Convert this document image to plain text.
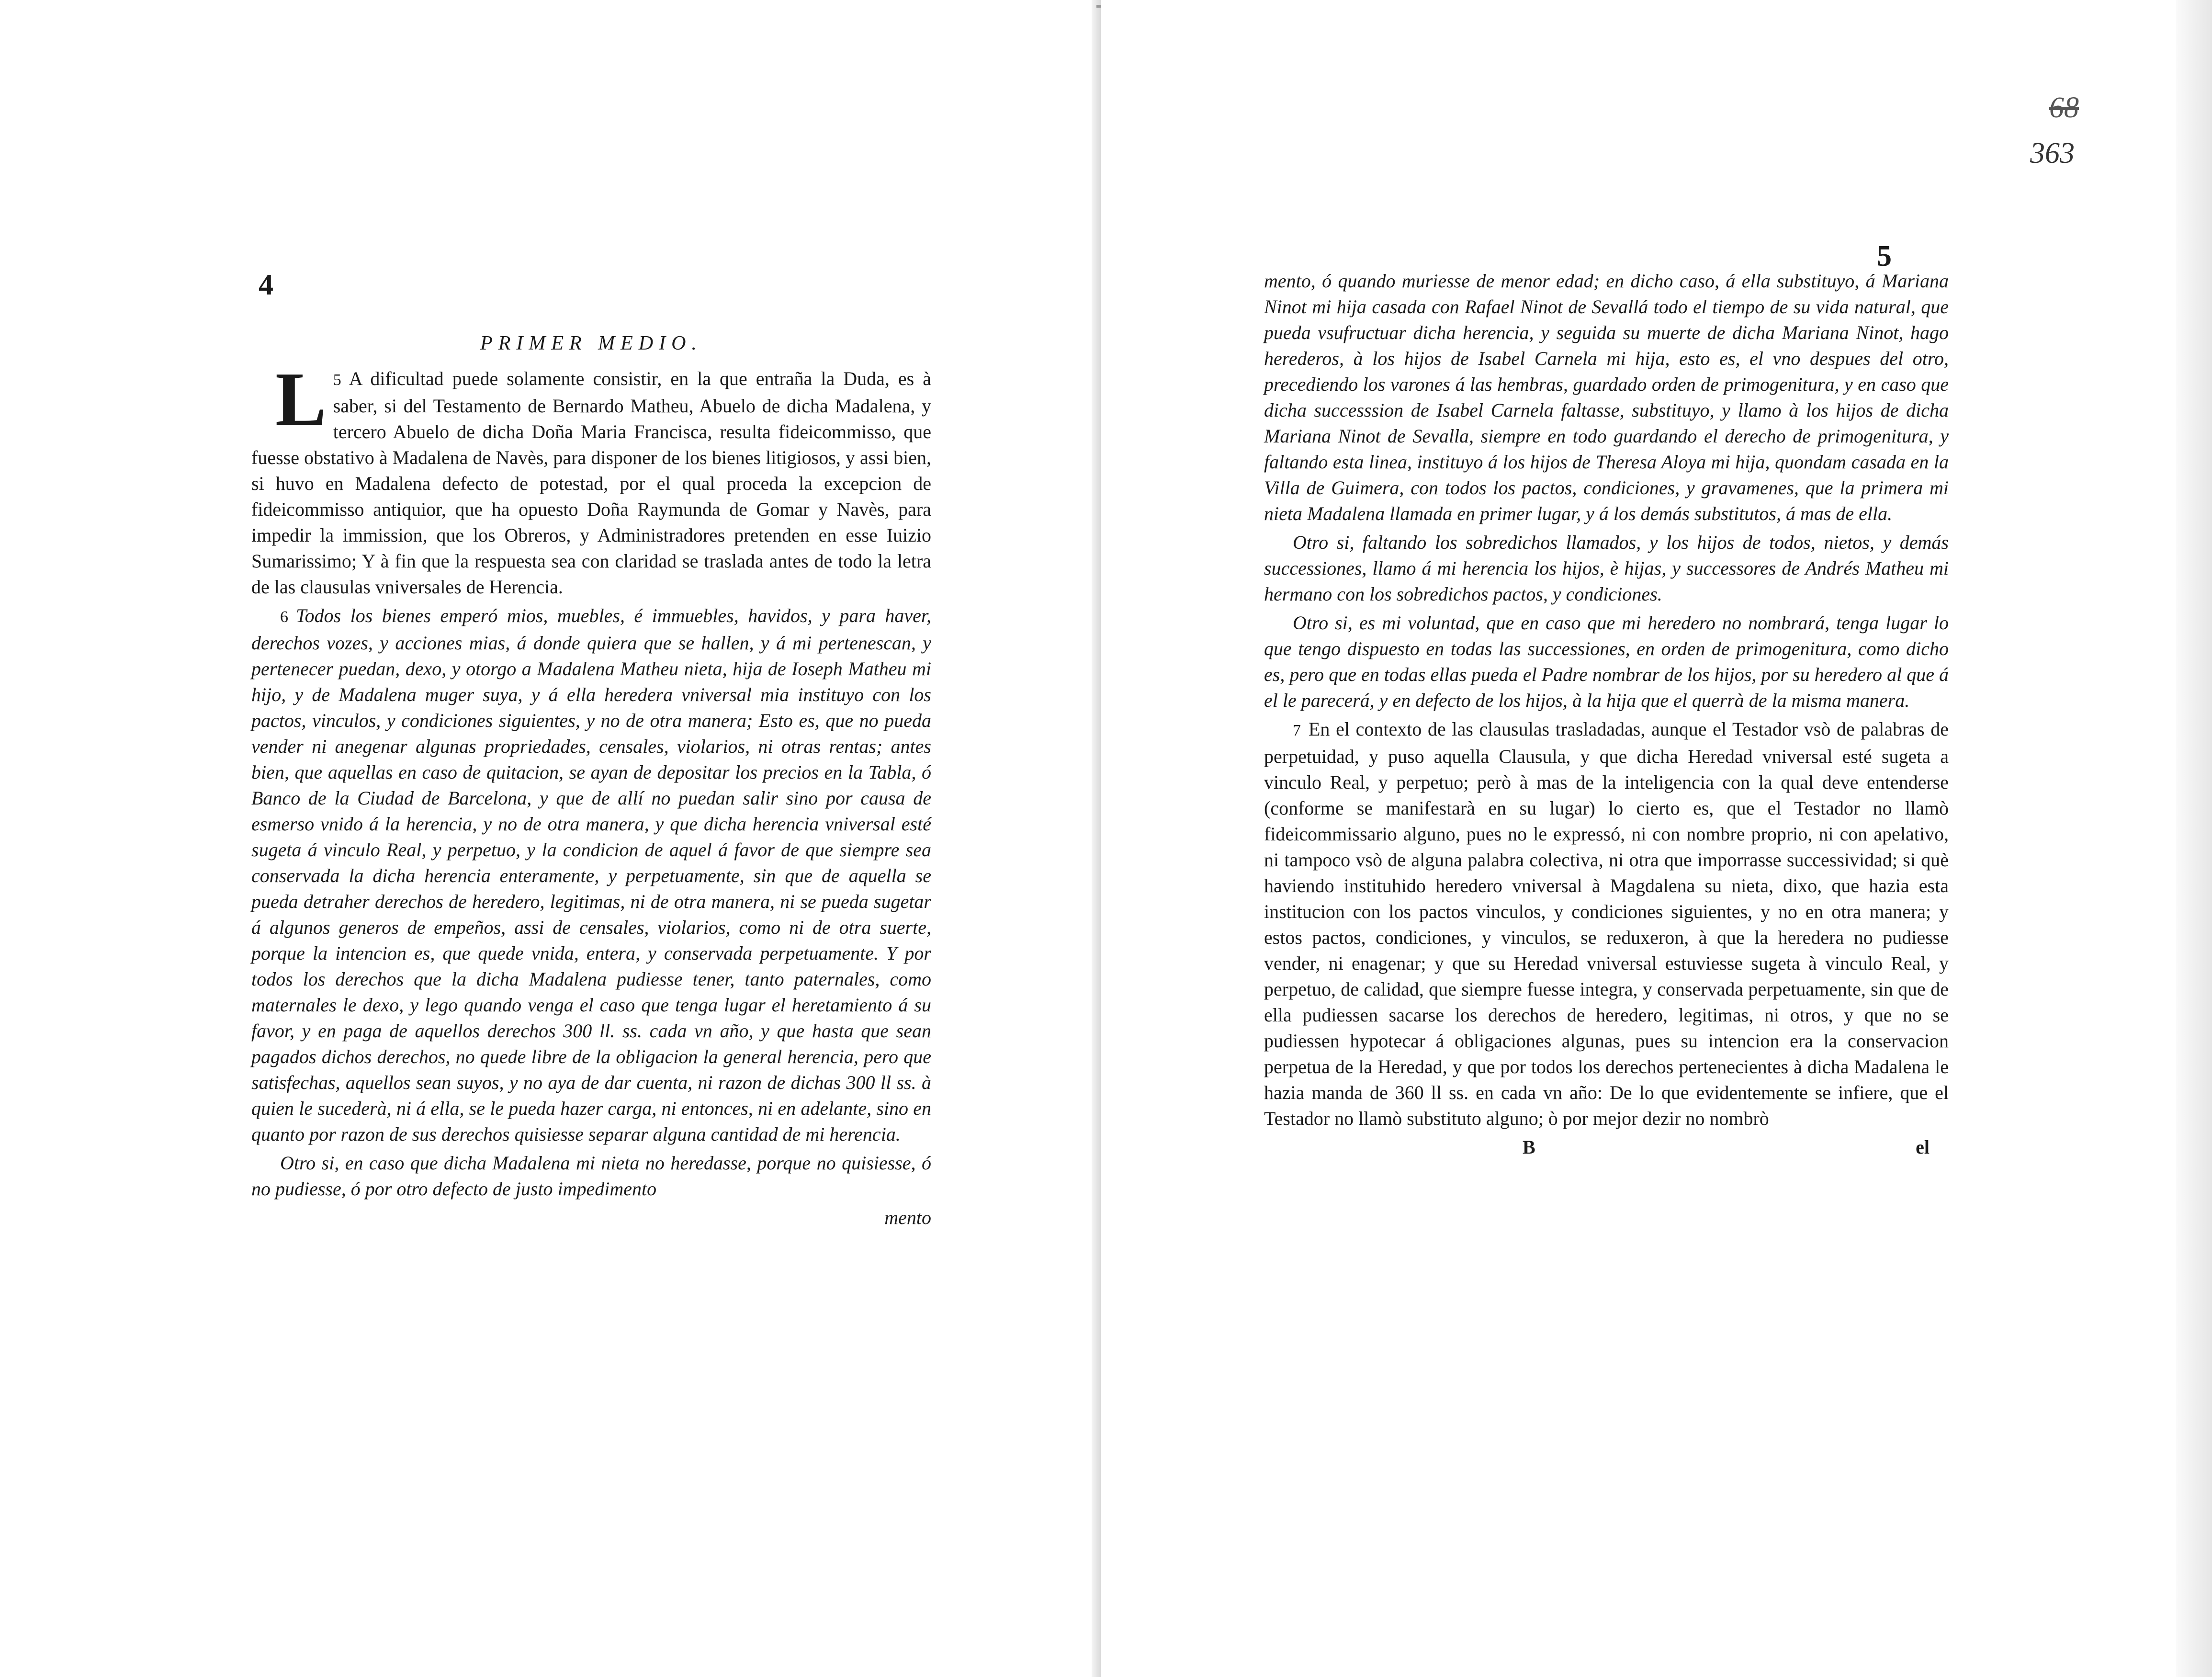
4
PRIMER MEDIO.

5
L A dificultad puede solamente consistir, en la que entraña la Duda, es à saber, si del Testamento de Bernardo Matheu, Abuelo de dicha Madalena, y tercero Abuelo de dicha Doña Maria Francisca, resulta fideicommisso, que fuesse obstativo à Madalena de Navès, para disponer de los bienes litigiosos, y assi bien, si huvo en Madalena defecto de potestad, por el qual proceda la excepcion de fideicommisso antiquior, que ha opuesto Doña Raymunda de Gomar y Navès, para impedir la immission, que los Obreros, y Administradores pretenden en esse Iuizio Sumarissimo; Y à fin que la respuesta sea con claridad se traslada antes de todo la letra de las clausulas vniversales de Herencia.

6 Todos los bienes emperó mios, muebles, é immuebles, havidos, y para haver, derechos vozes, y acciones mias, á donde quiera que se hallen, y á mi pertenescan, y pertenecer puedan, dexo, y otorgo a Madalena Matheu nieta, hija de Ioseph Matheu mi hijo, y de Madalena muger suya, y á ella heredera vniversal mia instituyo con los pactos, vinculos, y condiciones siguientes, y no de otra manera; Esto es, que no pueda vender ni anegenar algunas propriedades, censales, violarios, ni otras rentas; antes bien, que aquellas en caso de quitacion, se ayan de depositar los precios en la Tabla, ó Banco de la Ciudad de Barcelona, y que de allí no puedan salir sino por causa de esmerso vnido á la herencia, y no de otra manera, y que dicha herencia vniversal esté sugeta á vinculo Real, y perpetuo, y la condicion de aquel á favor de que siempre sea conservada la dicha herencia enteramente, y perpetuamente, sin que de aquella se pueda detraher derechos de heredero, legitimas, ni de otra manera, ni se pueda sugetar á algunos generos de empeños, assi de censales, violarios, como ni de otra suerte, porque la intencion es, que quede vnida, entera, y conservada perpetuamente. Y por todos los derechos que la dicha Madalena pudiesse tener, tanto paternales, como maternales le dexo, y lego quando venga el caso que tenga lugar el heretamiento á su favor, y en paga de aquellos derechos 300 ll. ss. cada vn año, y que hasta que sean pagados dichos derechos, no quede libre de la obligacion la general herencia, pero que satisfechas, aquellos sean suyos, y no aya de dar cuenta, ni razon de dichas 300 ll ss. à quien le sucederà, ni á ella, se le pueda hazer carga, ni entonces, ni en adelante, sino en quanto por razon de sus derechos quisiesse separar alguna cantidad de mi herencia.

Otro si, en caso que dicha Madalena mi nieta no heredasse, porque no quisiesse, ó no pudiesse, ó por otro defecto de justo impedimento

mento
68
363
5

mento, ó quando muriesse de menor edad; en dicho caso, á ella substituyo, á Mariana Ninot mi hija casada con Rafael Ninot de Sevallá todo el tiempo de su vida natural, que pueda vsufructuar dicha herencia, y seguida su muerte de dicha Mariana Ninot, hago herederos, à los hijos de Isabel Carnela mi hija, esto es, el vno despues del otro, precediendo los varones á las hembras, guardado orden de primogenitura, y en caso que dicha successsion de Isabel Carnela faltasse, substituyo, y llamo à los hijos de dicha Mariana Ninot de Sevalla, siempre en todo guardando el derecho de primogenitura, y faltando esta linea, instituyo á los hijos de Theresa Aloya mi hija, quondam casada en la Villa de Guimera, con todos los pactos, condiciones, y gravamenes, que la primera mi nieta Madalena llamada en primer lugar, y á los demás substitutos, á mas de ella.

Otro si, faltando los sobredichos llamados, y los hijos de todos, nietos, y demás successiones, llamo á mi herencia los hijos, è hijas, y successores de Andrés Matheu mi hermano con los sobredichos pactos, y condiciones.

Otro si, es mi voluntad, que en caso que mi heredero no nombrará, tenga lugar lo que tengo dispuesto en todas las successiones, en orden de primogenitura, como dicho es, pero que en todas ellas pueda el Padre nombrar de los hijos, por su heredero al que á el le parecerá, y en defecto de los hijos, à la hija que el querrà de la misma manera.

7 En el contexto de las clausulas trasladadas, aunque el Testador vsò de palabras de perpetuidad, y puso aquella Clausula, y que dicha Heredad vniversal esté sugeta a vinculo Real, y perpetuo; però à mas de la inteligencia con la qual deve entenderse (conforme se manifestarà en su lugar) lo cierto es, que el Testador no llamò fideicommissario alguno, pues no le expressó, ni con nombre proprio, ni con apelativo, ni tampoco vsò de alguna palabra colectiva, ni otra que imporrasse successividad; si què haviendo instituhido heredero vniversal à Magdalena su nieta, dixo, que hazia esta institucion con los pactos vinculos, y condiciones siguientes, y no en otra manera; y estos pactos, condiciones, y vinculos, se reduxeron, à que la heredera no pudiesse vender, ni enagenar; y que su Heredad vniversal estuviesse sugeta à vinculo Real, y perpetuo, de calidad, que siempre fuesse integra, y conservada perpetuamente, sin que de ella pudiessen sacarse los derechos de heredero, legitimas, ni otros, y que no se pudiessen hypotecar á obligaciones algunas, pues su intencion era la conservacion perpetua de la Heredad, y que por todos los derechos pertenecientes à dicha Madalena le hazia manda de 360 ll ss. en cada vn año: De lo que evidentemente se infiere, que el Testador no llamò substituto alguno; ò por mejor dezir no nombrò

B	el
